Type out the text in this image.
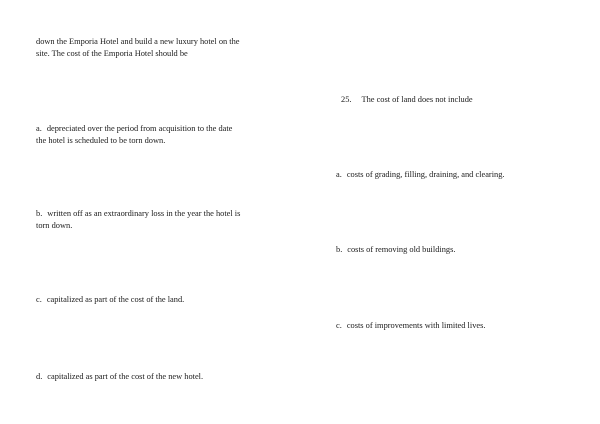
down the Emporia Hotel and build a new luxury hotel on the
site. The cost of the Emporia Hotel should be
a. depreciated over the period from acquisition to the date
the hotel is scheduled to be torn down.
b. written off as an extraordinary loss in the year the hotel is
torn down.
c. capitalized as part of the cost of the land.
d. capitalized as part of the cost of the new hotel.
25. The cost of land does not include
a. costs of grading, filling, draining, and clearing.
b. costs of removing old buildings.
c. costs of improvements with limited lives.
